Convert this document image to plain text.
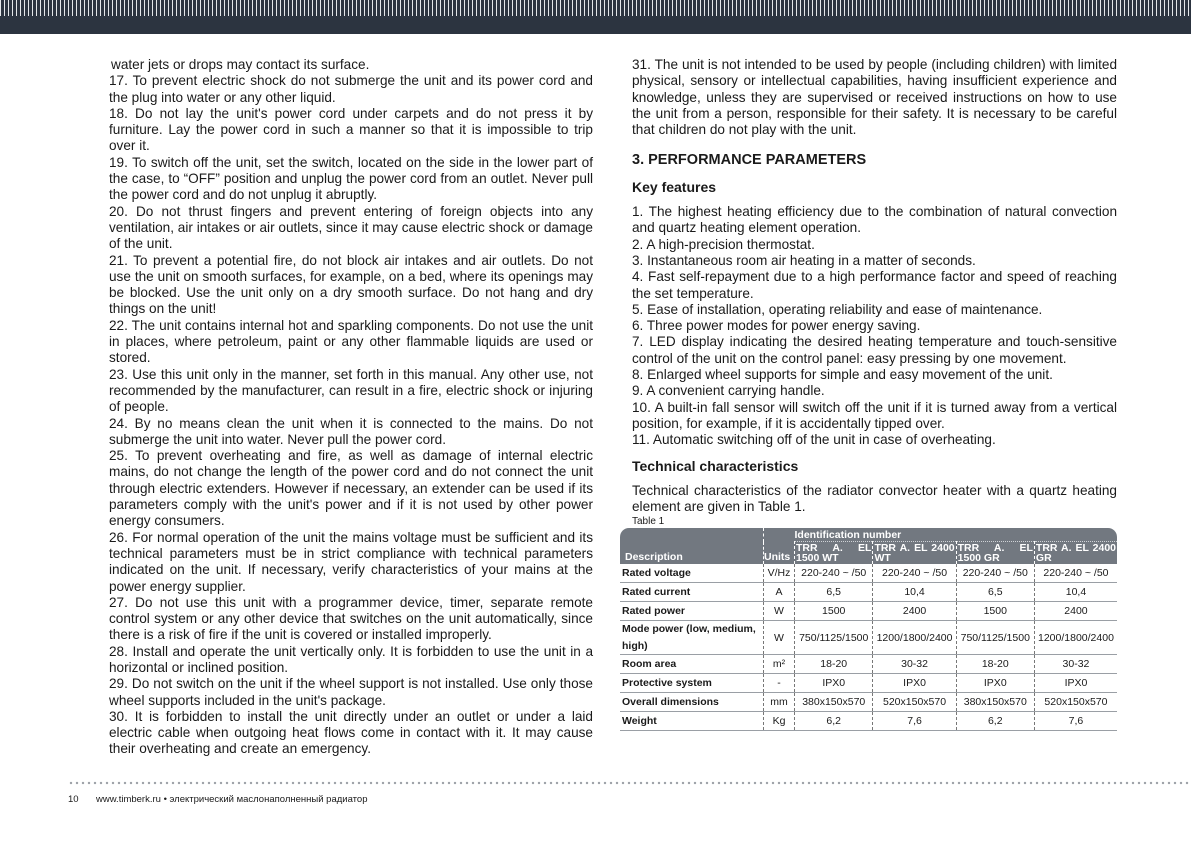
water jets or drops may contact its surface.

17. To prevent electric shock do not submerge the unit and its power cord and the plug into water or any other liquid.

18. Do not lay the unit's power cord under carpets and do not press it by furniture. Lay the power cord in such a manner so that it is impossible to trip over it.

19. To switch off the unit, set the switch, located on the side in the lower part of the case, to “OFF” position and unplug the power cord from an outlet. Never pull the power cord and do not unplug it abruptly.

20. Do not thrust fingers and prevent entering of foreign objects into any ventilation, air intakes or air outlets, since it may cause electric shock or damage of the unit.

21. To prevent a potential fire, do not block air intakes and air outlets. Do not use the unit on smooth surfaces, for example, on a bed, where its openings may be blocked. Use the unit only on a dry smooth surface. Do not hang and dry things on the unit!

22. The unit contains internal hot and sparkling components. Do not use the unit in places, where petroleum, paint or any other flammable liquids are used or stored.

23. Use this unit only in the manner, set forth in this manual. Any other use, not recommended by the manufacturer, can result in a fire, electric shock or injuring of people.

24. By no means clean the unit when it is connected to the mains. Do not submerge the unit into water. Never pull the power cord.

25. To prevent overheating and fire, as well as damage of internal electric mains, do not change the length of the power cord and do not connect the unit through electric extenders. However if necessary, an extender can be used if its parameters comply with the unit's power and if it is not used by other power energy consumers.

26. For normal operation of the unit the mains voltage must be sufficient and its technical parameters must be in strict compliance with technical parameters indicated on the unit. If necessary, verify characteristics of your mains at the power energy supplier.

27. Do not use this unit with a programmer device, timer, separate remote control system or any other device that switches on the unit automatically, since there is a risk of fire if the unit is covered or installed improperly.

28. Install and operate the unit vertically only. It is forbidden to use the unit in a horizontal or inclined position.

29. Do not switch on the unit if the wheel support is not installed. Use only those wheel supports included in the unit's package.

30. It is forbidden to install the unit directly under an outlet or under a laid electric cable when outgoing heat flows come in contact with it. It may cause their overheating and create an emergency.

31. The unit is not intended to be used by people (including children) with limited physical, sensory or intellectual capabilities, having insufficient experience and knowledge, unless they are supervised or received instructions on how to use the unit from a person, responsible for their safety. It is necessary to be careful that children do not play with the unit.

3. PERFORMANCE PARAMETERS

Key features

1. The highest heating efficiency due to the combination of natural convection and quartz heating element operation.

2. A high-precision thermostat.

3. Instantaneous room air heating in a matter of seconds.

4. Fast self-repayment due to a high performance factor and speed of reaching the set temperature.

5. Ease of installation, operating reliability and ease of maintenance.

6. Three power modes for power energy saving.

7. LED display indicating the desired heating temperature and touch-sensitive control of the unit on the control panel: easy pressing by one movement.

8. Enlarged wheel supports for simple and easy movement of the unit.

9. A convenient carrying handle.

10. A built-in fall sensor will switch off the unit if it is turned away from a vertical position, for example, if it is accidentally tipped over.

11. Automatic switching off of the unit in case of overheating.

Technical characteristics

Technical characteristics of the radiator convector heater with a quartz heating element are given in Table 1.

Table 1

Description	Units	Identification number			
		TRR A. EL 1500 WT	TRR A. EL 2400 WT	TRR A. EL 1500 GR	TRR A. EL 2400 GR
Rated voltage	V/Hz	220-240 ~ /50	220-240 ~ /50	220-240 ~ /50	220-240 ~ /50
Rated current	A	6,5	10,4	6,5	10,4
Rated power	W	1500	2400	1500	2400
Mode power (low, medium, high)	W	750/1125/1500	1200/1800/2400	750/1125/1500	1200/1800/2400
Room area	m²	18-20	30-32	18-20	30-32
Protective system	-	IPX0	IPX0	IPX0	IPX0
Overall dimensions	mm	380x150x570	520x150x570	380x150x570	520x150x570
Weight	Kg	6,2	7,6	6,2	7,6
10 www.timberk.ru • электрический маслонаполненный радиатор
